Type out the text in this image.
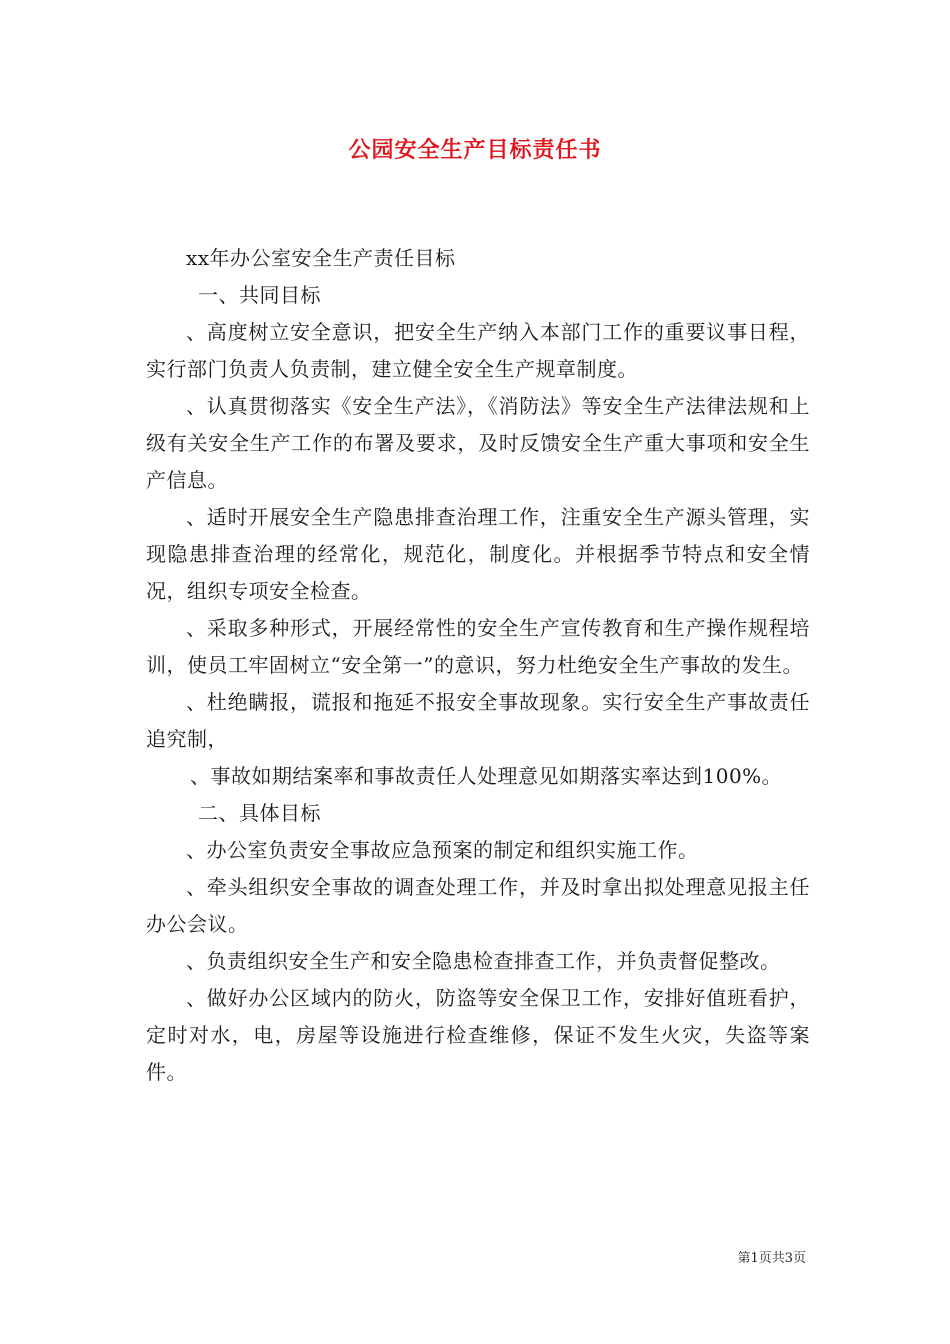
公园安全生产目标责任书

xx年办公室安全生产责任目标

一、共同目标

、高度树立安全意识，把安全生产纳入本部门工作的重要议事日程，实行部门负责人负责制，建立健全安全生产规章制度。

、认真贯彻落实《安全生产法》，《消防法》等安全生产法律法规和上级有关安全生产工作的布署及要求，及时反馈安全生产重大事项和安全生产信息。

、适时开展安全生产隐患排查治理工作，注重安全生产源头管理，实现隐患排查治理的经常化，规范化，制度化。并根据季节特点和安全情况，组织专项安全检查。

、采取多种形式，开展经常性的安全生产宣传教育和生产操作规程培训，使员工牢固树立“安全第一”的意识，努力杜绝安全生产事故的发生。

、杜绝瞒报，谎报和拖延不报安全事故现象。实行安全生产事故责任追究制，

、事故如期结案率和事故责任人处理意见如期落实率达到100%。

二、具体目标

、办公室负责安全事故应急预案的制定和组织实施工作。

、牵头组织安全事故的调查处理工作，并及时拿出拟处理意见报主任办公会议。

、负责组织安全生产和安全隐患检查排查工作，并负责督促整改。

、做好办公区域内的防火，防盗等安全保卫工作，安排好值班看护，定时对水，电，房屋等设施进行检查维修，保证不发生火灾，失盗等案件。

第1页共3页
